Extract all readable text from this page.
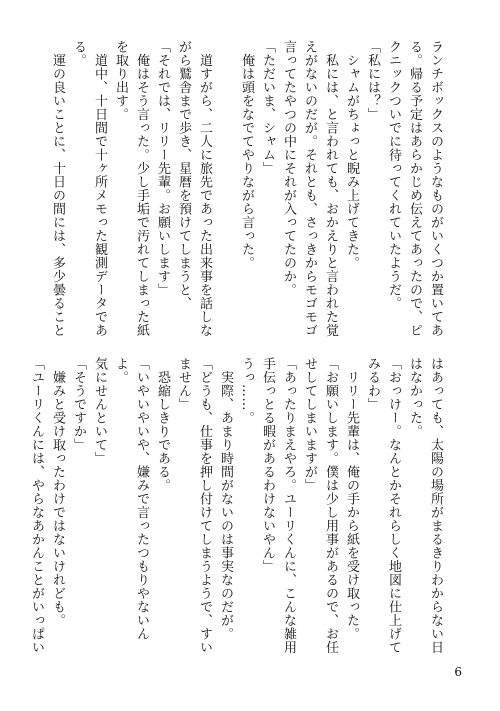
ランチボックスのようなものがいくつか置いてあ

る。帰る予定はあらかじめ伝えてあったので、ピ

クニックついでに待ってくれていたようだ。

「私には？」

　シャムがちょっと睨み上げてきた。

　私には、と言われても、おかえりと言われた覚

えがないのだが。それとも、さっきからモゴモゴ

言ってたやつの中にそれが入ってたのか。

「ただいま、シャム」

　俺は頭をなでてやりながら言った。

　道すがら、二人に旅先であった出来事を話しな

がら鷲舎まで歩き、星暦を預けてしまうと、

「それでは、リリー先輩。お願いします」

　俺はそう言った。少し手垢で汚れてしまった紙

を取り出す。

　道中、十日間で十ヶ所メモった観測データであ

る。

　運の良いことに、十日の間には、多少曇ること

はあっても、太陽の場所がまるきりわからない日

はなかった。

「おっけー。なんとかそれらしく地図に仕上げて

みるわ」

　リリー先輩は、俺の手から紙を受け取った。

「お願いします。僕は少し用事があるので、お任

せしてしまいますが」

「あったりまえやろ。ユーリくんに、こんな雑用

手伝っとる暇があるわけないやん」

うっ……。

　実際、あまり時間がないのは事実なのだが。

「どうも、仕事を押し付けてしまうようで、すい

ません」

　恐縮しきりである。

「いやいやいや、嫌みで言ったつもりやないんよ。

気にせんといて」

「そうですか」

　嫌みと受け取ったわけではないけれども。

「ユーリくんには、やらなあかんことがいっぱい

6
